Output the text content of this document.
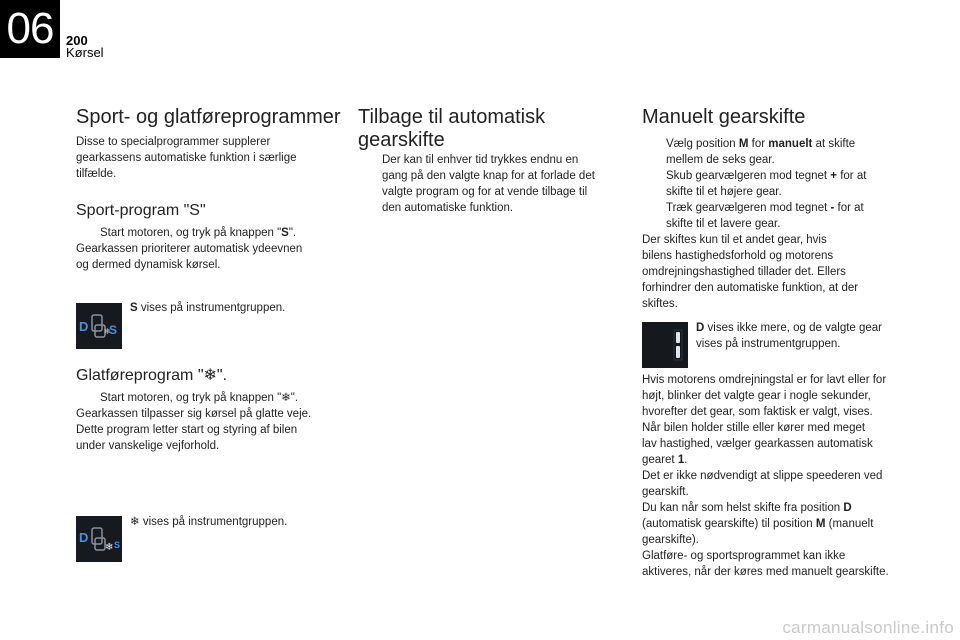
06 200
Kørsel
Sport- og glatføreprogrammer
Disse to specialprogrammer supplerer
gearkassens automatiske funktion i særlige
tilfælde.
Sport-program "S"
Start motoren, og tryk på knappen "S".
Gearkassen prioriterer automatisk ydeevnen
og dermed dynamisk kørsel.
D S
❄
S vises på instrumentgruppen.
Glatføreprogram "❄".
Start motoren, og tryk på knappen "❄".
Gearkassen tilpasser sig kørsel på glatte veje.
Dette program letter start og styring af bilen
under vanskelige vejforhold.
D
❄ S
❄ vises på instrumentgruppen.
Tilbage til automatisk
gearskifte
Der kan til enhver tid trykkes endnu en
gang på den valgte knap for at forlade det
valgte program og for at vende tilbage til
den automatiske funktion.
Manuelt gearskifte
Vælg position M for manuelt at skifte
mellem de seks gear.
Skub gearvælgeren mod tegnet + for at
skifte til et højere gear.
Træk gearvælgeren mod tegnet - for at
skifte til et lavere gear.
Der skiftes kun til et andet gear, hvis
bilens hastighedsforhold og motorens
omdrejningshastighed tillader det. Ellers
forhindrer den automatiske funktion, at der
skiftes.
D vises ikke mere, og de valgte gear
vises på instrumentgruppen.
Hvis motorens omdrejningstal er for lavt eller for
højt, blinker det valgte gear i nogle sekunder,
hvorefter det gear, som faktisk er valgt, vises.
Når bilen holder stille eller kører med meget
lav hastighed, vælger gearkassen automatisk
gearet 1.
Det er ikke nødvendigt at slippe speederen ved
gearskift.
Du kan når som helst skifte fra position D
(automatisk gearskifte) til position M (manuelt
gearskifte).
Glatføre- og sportsprogrammet kan ikke
aktiveres, når der køres med manuelt gearskifte.
carmanualsonline.info
